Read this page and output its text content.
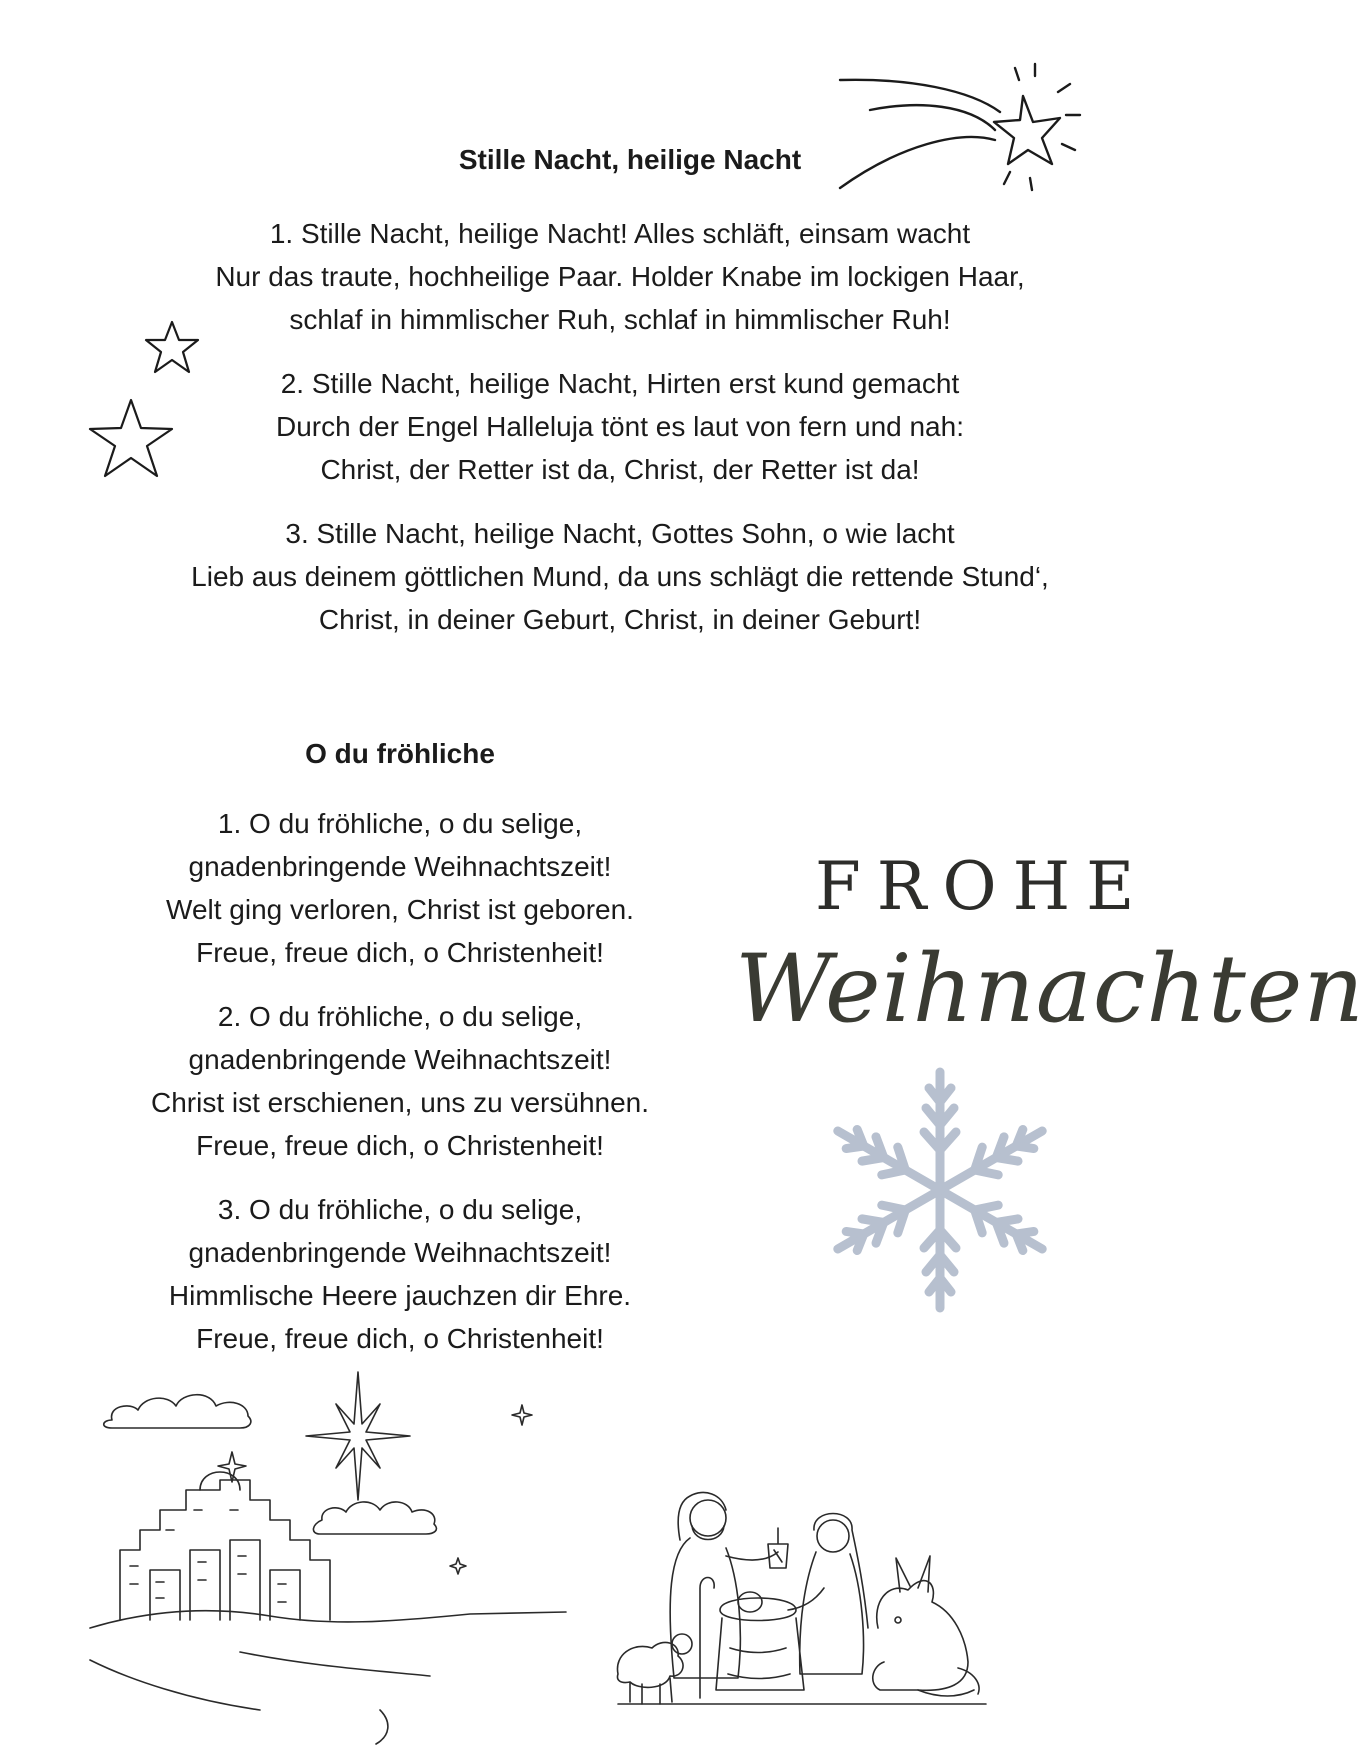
Stille Nacht, heilige Nacht
1. Stille Nacht, heilige Nacht! Alles schläft, einsam wacht
Nur das traute, hochheilige Paar. Holder Knabe im lockigen Haar,
schlaf in himmlischer Ruh, schlaf in himmlischer Ruh!
2. Stille Nacht, heilige Nacht, Hirten erst kund gemacht
Durch der Engel Halleluja tönt es laut von fern und nah:
Christ, der Retter ist da, Christ, der Retter ist da!
3. Stille Nacht, heilige Nacht, Gottes Sohn, o wie lacht
Lieb aus deinem göttlichen Mund, da uns schlägt die rettende Stund‘,
Christ, in deiner Geburt, Christ, in deiner Geburt!
O du fröhliche
1. O du fröhliche, o du selige,
gnadenbringende Weihnachtszeit!
Welt ging verloren, Christ ist geboren.
Freue, freue dich, o Christenheit!
2. O du fröhliche, o du selige,
gnadenbringende Weihnachtszeit!
Christ ist erschienen, uns zu versühnen.
Freue, freue dich, o Christenheit!
3. O du fröhliche, o du selige,
gnadenbringende Weihnachtszeit!
Himmlische Heere jauchzen dir Ehre.
Freue, freue dich, o Christenheit!
FROHE
Weihnachten
